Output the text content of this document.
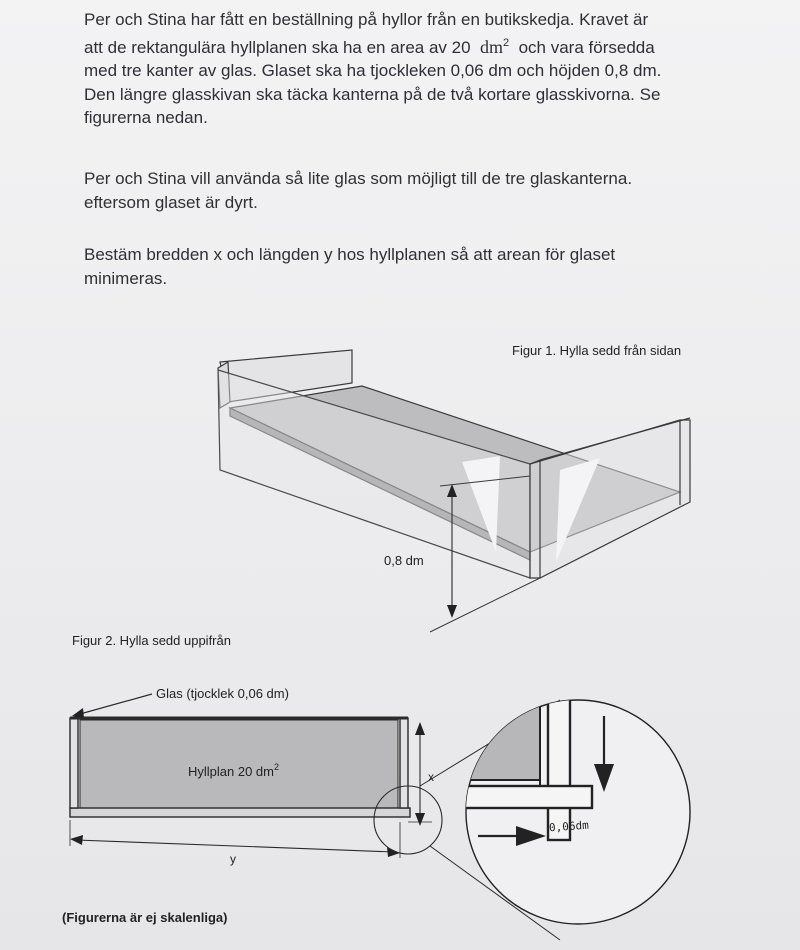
Per och Stina har fått en beställning på hyllor från en butikskedja. Kravet är
att de rektangulära hyllplanen ska ha en area av 20 $dm^2$ och vara försedda
med tre kanter av glas. Glaset ska ha tjockleken 0,06 dm och höjden 0,8 dm.
Den längre glasskivan ska täcka kanterna på de två kortare glasskivorna. Se
figurerna nedan.

Per och Stina vill använda så lite glas som möjligt till de tre glaskanterna.
eftersom glaset är dyrt.

Bestäm bredden x och längden y hos hyllplanen så att arean för glaset
minimeras.

Figur 1. Hylla sedd från sidan
0,8 dm
Figur 2. Hylla sedd uppifrån
Glas (tjocklek 0,06 dm)
Hyllplan 20 $dm^2$
x
y
0,06dm
(Figurerna är ej skalenliga)
